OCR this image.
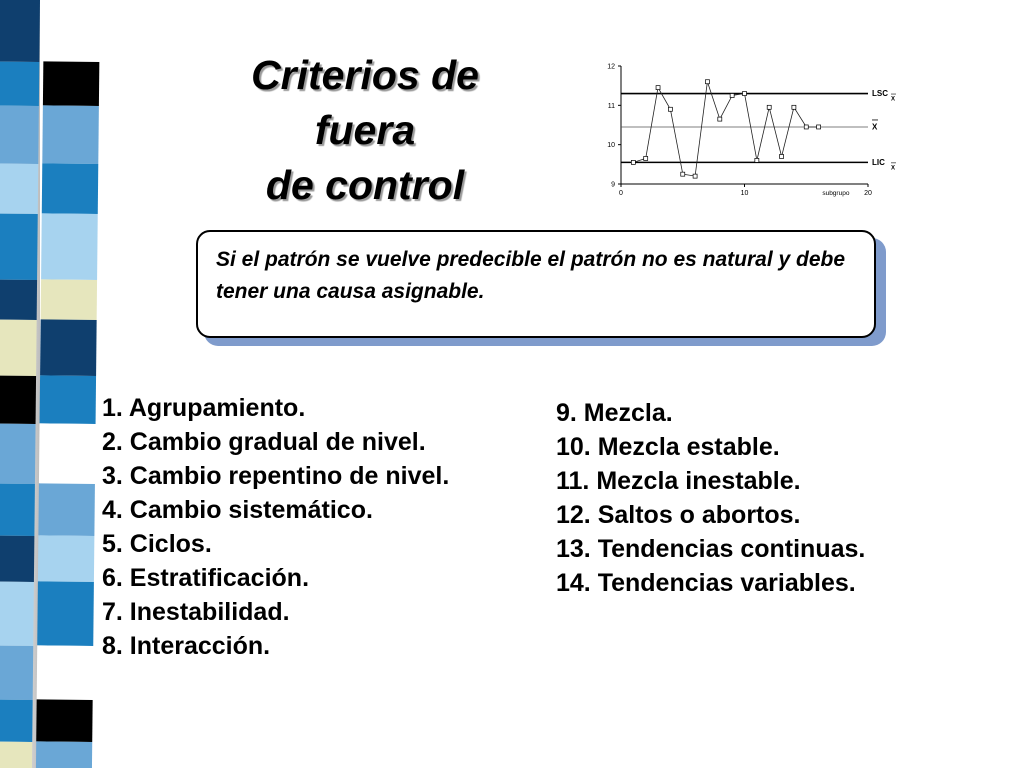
Criterios de
fuera
de control	9
10
11
12
0	10	20
subgrupo
LSC
X
X
LIC
X
Si el patrón se vuelve predecible el patrón no es natural y debe tener una causa asignable.
1. Agrupamiento.
2. Cambio gradual de nivel.
3. Cambio repentino de nivel.
4. Cambio sistemático.
5. Ciclos.
6. Estratificación.
7. Inestabilidad.
8. Interacción.
9. Mezcla.
10. Mezcla estable.
11. Mezcla inestable.
12. Saltos o abortos.
13. Tendencias continuas.
14. Tendencias variables.
